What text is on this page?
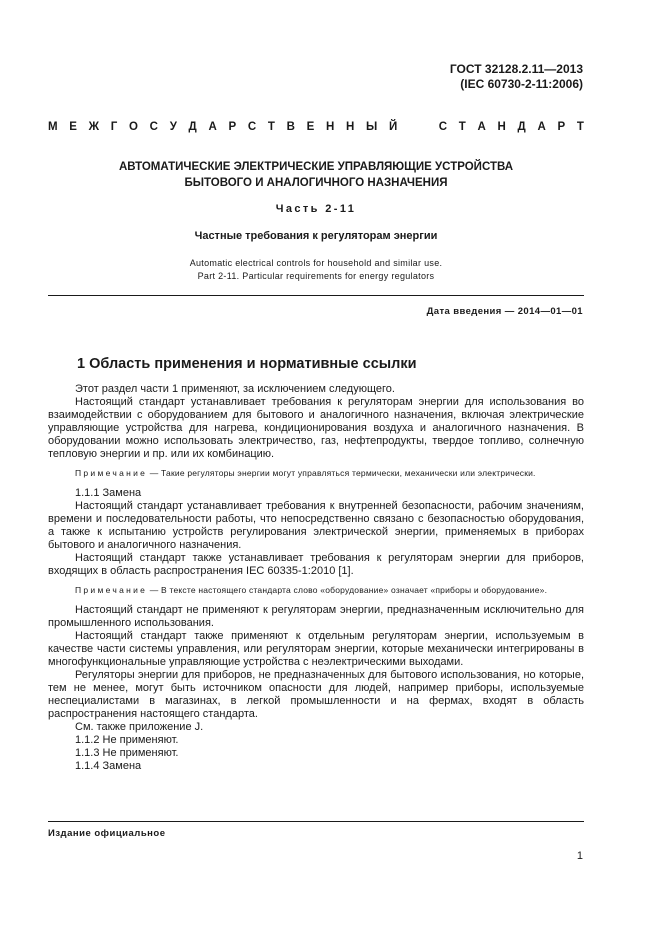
ГОСТ 32128.2.11—2013
(IEC 60730-2-11:2006)
М Е Ж Г О С У Д А Р С Т В Е Н Н Ы Й

	С Т А Н Д А Р Т
АВТОМАТИЧЕСКИЕ ЭЛЕКТРИЧЕСКИЕ УПРАВЛЯЮЩИЕ УСТРОЙСТВА
БЫТОВОГО И АНАЛОГИЧНОГО НАЗНАЧЕНИЯ
Часть 2-11
Частные требования к регуляторам энергии
Automatic electrical controls for household and similar use.
Part 2-11. Particular requirements for energy regulators
Дата введения — 2014—01—01
1 Область применения и нормативные ссылки

Этот раздел части 1 применяют, за исключением следующего.

Настоящий стандарт устанавливает требования к регуляторам энергии для использования во взаимодействии с оборудованием для бытового и аналогичного назначения, включая электрические управляющие устройства для нагрева, кондиционирования воздуха и аналогичного назначения. В оборудовании можно использовать электричество, газ, нефтепродукты, твердое топливо, солнечную тепловую энергии и пр. или их комбинацию.

Примечание — Такие регуляторы энергии могут управляться термически, механически или электрически.

1.1.1 Замена

Настоящий стандарт устанавливает требования к внутренней безопасности, рабочим значениям, времени и последовательности работы, что непосредственно связано с безопасностью оборудования, а также к испытанию устройств регулирования электрической энергии, применяемых в приборах бытового и аналогичного назначения.

Настоящий стандарт также устанавливает требования к регуляторам энергии для приборов, входящих в область распространения IEC 60335-1:2010 [1].

Примечание — В тексте настоящего стандарта слово «оборудование» означает «приборы и оборудование».

Настоящий стандарт не применяют к регуляторам энергии, предназначенным исключительно для промышленного использования.

Настоящий стандарт также применяют к отдельным регуляторам энергии, используемым в качестве части системы управления, или регуляторам энергии, которые механически интегрированы в многофункциональные управляющие устройства с неэлектрическими выходами.

Регуляторы энергии для приборов, не предназначенных для бытового использования, но которые, тем не менее, могут быть источником опасности для людей, например приборы, используемые неспециалистами в магазинах, в легкой промышленности и на фермах, входят в область распространения настоящего стандарта.

См. также приложение J.

1.1.2 Не применяют.

1.1.3 Не применяют.

1.1.4 Замена

Издание официальное
1
